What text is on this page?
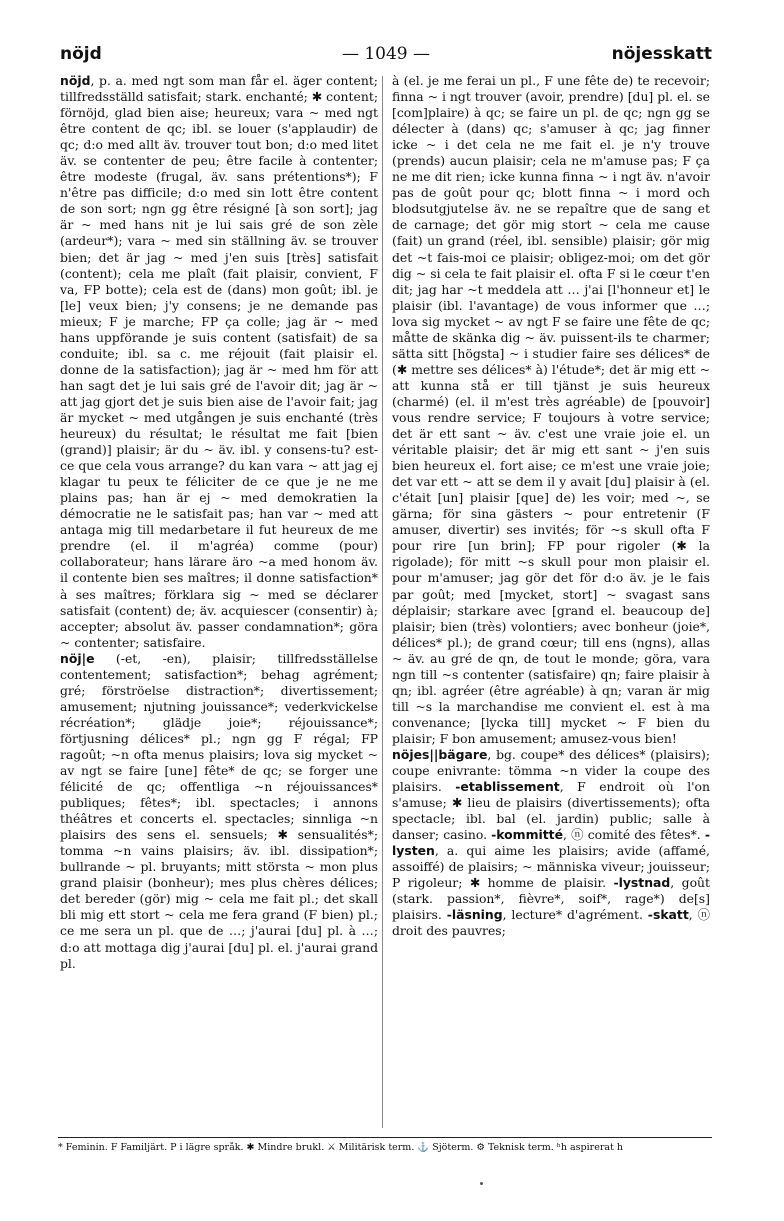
nöjd	— 1049 —	nöjesskatt

nöjd, p. a. med ngt som man får el. äger content; tillfredsställd satisfait; stark. enchanté; ✱ content; förnöjd, glad bien aise; heureux; vara ~ med ngt être content de qc; ibl. se louer (s'applaudir) de qc; d:o med allt äv. trouver tout bon; d:o med litet äv. se contenter de peu; être facile à contenter; être modeste (frugal, äv. sans prétentions*); F n'être pas difficile; d:o med sin lott être content de son sort; ngn gg être résigné [à son sort]; jag är ~ med hans nit je lui sais gré de son zèle (ardeur*); vara ~ med sin ställning äv. se trouver bien; det är jag ~ med j'en suis [très] satisfait (content); cela me plaît (fait plaisir, convient, F va, FP botte); cela est de (dans) mon goût; ibl. je [le] veux bien; j'y consens; je ne demande pas mieux; F je marche; FP ça colle; jag är ~ med hans uppförande je suis content (satisfait) de sa conduite; ibl. sa c. me réjouit (fait plaisir el. donne de la satisfaction); jag är ~ med hm för att han sagt det je lui sais gré de l'avoir dit; jag är ~ att jag gjort det je suis bien aise de l'avoir fait; jag är mycket ~ med utgången je suis enchanté (très heureux) du résultat; le résultat me fait [bien (grand)] plaisir; är du ~ äv. ibl. y consens-tu? est-ce que cela vous arrange? du kan vara ~ att jag ej klagar tu peux te féliciter de ce que je ne me plains pas; han är ej ~ med demokratien la démocratie ne le satisfait pas; han var ~ med att antaga mig till medarbetare il fut heureux de me prendre (el. il m'agréa) comme (pour) collaborateur; hans lärare äro ~a med honom äv. il contente bien ses maîtres; il donne satisfaction* à ses maîtres; förklara sig ~ med se déclarer satisfait (content) de; äv. acquiescer (consentir) à; accepter; absolut äv. passer condamnation*; göra ~ contenter; satisfaire.

nöj|e (-et, -en), plaisir; tillfredsställelse contentement; satisfaction*; behag agrément; gré; förströelse distraction*; divertissement; amusement; njutning jouissance*; vederkvickelse récréation*; glädje joie*; réjouissance*; förtjusning délices* pl.; ngn gg F régal; FP ragoût; ~n ofta menus plaisirs; lova sig mycket ~ av ngt se faire [une] fête* de qc; se forger une félicité de qc; offentliga ~n réjouissances* publiques; fêtes*; ibl. spectacles; i annons théâtres et concerts el. spectacles; sinnliga ~n plaisirs des sens el. sensuels; ✱ sensualités*; tomma ~n vains plaisirs; äv. ibl. dissipation*; bullrande ~ pl. bruyants; mitt största ~ mon plus grand plaisir (bonheur); mes plus chères délices; det bereder (gör) mig ~ cela me fait pl.; det skall bli mig ett stort ~ cela me fera grand (F bien) pl.; ce me sera un pl. que de …; j'aurai [du] pl. à …; d:o att mottaga dig j'aurai [du] pl. el. j'aurai grand pl.

à (el. je me ferai un pl., F une fête de) te recevoir; finna ~ i ngt trouver (avoir, prendre) [du] pl. el. se [com]plaire) à qc; se faire un pl. de qc; ngn gg se délecter à (dans) qc; s'amuser à qc; jag finner icke ~ i det cela ne me fait el. je n'y trouve (prends) aucun plaisir; cela ne m'amuse pas; F ça ne me dit rien; icke kunna finna ~ i ngt äv. n'avoir pas de goût pour qc; blott finna ~ i mord och blodsutgjutelse äv. ne se repaître que de sang et de carnage; det gör mig stort ~ cela me cause (fait) un grand (réel, ibl. sensible) plaisir; gör mig det ~t fais-moi ce plaisir; obligez-moi; om det gör dig ~ si cela te fait plaisir el. ofta F si le cœur t'en dit; jag har ~t meddela att … j'ai [l'honneur et] le plaisir (ibl. l'avantage) de vous informer que …; lova sig mycket ~ av ngt F se faire une fête de qc; måtte de skänka dig ~ äv. puissent-ils te charmer; sätta sitt [högsta] ~ i studier faire ses délices* de (✱ mettre ses délices* à) l'étude*; det är mig ett ~ att kunna stå er till tjänst je suis heureux (charmé) (el. il m'est très agréable) de [pouvoir] vous rendre service; F toujours à votre service; det är ett sant ~ äv. c'est une vraie joie el. un véritable plaisir; det är mig ett sant ~ j'en suis bien heureux el. fort aise; ce m'est une vraie joie; det var ett ~ att se dem il y avait [du] plaisir à (el. c'était [un] plaisir [que] de) les voir; med ~, se gärna; för sina gästers ~ pour entretenir (F amuser, divertir) ses invités; för ~s skull ofta F pour rire [un brin]; FP pour rigoler (✱ la rigolade); för mitt ~s skull pour mon plaisir el. pour m'amuser; jag gör det för d:o äv. je le fais par goût; med [mycket, stort] ~ svagast sans déplaisir; starkare avec [grand el. beaucoup de] plaisir; bien (très) volontiers; avec bonheur (joie*, délices* pl.); de grand cœur; till ens (ngns), allas ~ äv. au gré de qn, de tout le monde; göra, vara ngn till ~s contenter (satisfaire) qn; faire plaisir à qn; ibl. agréer (être agréable) à qn; varan är mig till ~s la marchandise me convient el. est à ma convenance; [lycka till] mycket ~ F bien du plaisir; F bon amusement; amusez-vous bien!

nöjes||bägare, bg. coupe* des délices* (plaisirs); coupe enivrante: tömma ~n vider la coupe des plaisirs. -etablissement, F endroit où l'on s'amuse; ✱ lieu de plaisirs (divertissements); ofta spectacle; ibl. bal (el. jardin) public; salle à danser; casino. -kommitté, ⓝ comité des fêtes*. -lysten, a. qui aime les plaisirs; avide (affamé, assoiffé) de plaisirs; ~ människa viveur; jouisseur; P rigoleur; ✱ homme de plaisir. -lystnad, goût (stark. passion*, fièvre*, soif*, rage*) de[s] plaisirs. -läsning, lecture* d'agrément. -skatt, ⓝ droit des pauvres;

* Feminin. F Familjärt. P i lägre språk. ✱ Mindre brukl. ⚔ Militärisk term. ⚓ Sjöterm. ⚙ Teknisk term. ʰh aspirerat h
